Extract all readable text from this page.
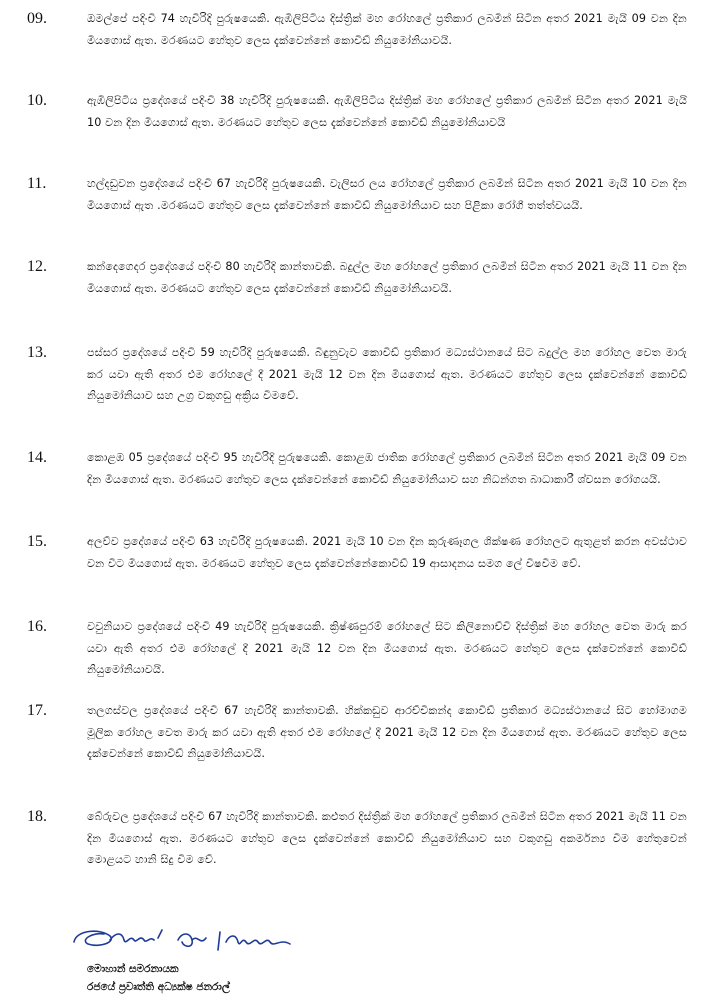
09.	ඔමල්පේ පදිංචි 74 හැවිරිදි පුරුෂයෙකි. ඇඹිලිපිටිය දිස්ත්‍රික් මහ රෝහලේ ප්‍රතිකාර ලබමින් සිටින අතර 2021 මැයි 09 වන දින මියගොස් ඇත. මරණයට හේතුව ලෙස දැක්වෙන්නේ කොවිඩ් නියුමෝනියාවයි.
10.	ඇඹිලිපිටිය ප්‍රදේශයේ පදිංචි 38 හැවිරිදි පුරුෂයෙකි. ඇඹිලිපිටිය දිස්ත්‍රික් මහ රෝහලේ ප්‍රතිකාර ලබමින් සිටින අතර 2021 මැයි 10 වන දින මියගොස් ඇත. මරණයට හේතුව ලෙස දැක්වෙන්නේ කොවිඩ් නියුමෝනියාවයි
11.	හල්දඩුවන ප්‍රදේශයේ පදිංචි 67 හැවිරිදි පුරුෂයෙකි. වැලිසර ලය රෝහලේ ප්‍රතිකාර ලබමින් සිටින අතර 2021 මැයි 10 වන දින මියගොස් ඇත .මරණයට හේතුව ලෙස දැක්වෙන්නේ කොවිඩ් නියුමෝනියාව සහ පිළිකා රෝගී තත්ත්වයයි.
12.	කන්දෙගෙදර ප්‍රදේශයේ පදිංචි 80 හැවිරිදි කාන්තාවකි. බදුල්ල මහ රෝහලේ ප්‍රතිකාර ලබමින් සිටින අතර 2021 මැයි 11 වන දින මියගොස් ඇත. මරණයට හේතුව ලෙස දැක්වෙන්නේ කොවිඩ් නියුමෝනියාවයි.
13.	පස්සර ප්‍රදේශයේ පදිංචි 59 හැවිරිදි පුරුෂයෙකි. බිඳුනුවැව කොවිඩ් ප්‍රතිකාර මධ්‍යස්ථානයේ සිට බදුල්ල මහ රෝහල වෙත මාරු කර යවා ඇති අතර එම රෝහලේ දී 2021 මැයි 12 වන දින මියගොස් ඇත. මරණයට හේතුව ලෙස දැක්වෙන්නේ කොවිඩ් නියුමෝනියාව සහ උග්‍ර වකුගඩු අක්‍රිය වීමවේ.
14.	කොළඹ 05 ප්‍රදේශයේ පදිංචි 95 හැවිරිදි පුරුෂයෙකි. කොළඹ ජාතික රෝහලේ ප්‍රතිකාර ලබමින් සිටින අතර 2021 මැයි 09 වන දින මියගොස් ඇත. මරණයට හේතුව ලෙස දැක්වෙන්නේ කොවිඩ් නියුමෝනියාව සහ නිධන්ගත බාධාකාරී ශ්වසන රෝගයයි.
15.	අලව්ව ප්‍රදේශයේ පදිංචි 63 හැවිරිදි පුරුෂයෙකි. 2021 මැයි 10 වන දින කුරුණෑගල ශික්ෂණ රෝහලට ඇතුළත් කරන අවස්ථාව වන විට මියගොස් ඇත. මරණයට හේතුව ලෙස දැක්වෙන්නේකොවිඩ් 19 ආසාදනය සමග ලේ විෂවීම වේ.
16.	වවුනියාව ප්‍රදේශයේ පදිංචි 49 හැවිරිදි පුරුෂයෙකි. ක්‍රිෂ්ණපුරම් රෝහලේ සිට කිලිනොච්චි දිස්ත්‍රික් මහ රෝහල වෙත මාරු කර යවා ඇති අතර එම රෝහලේ දී 2021 මැයි 12 වන දින මියගොස් ඇත. මරණයට හේතුව ලෙස දැක්වෙන්නේ කොවිඩ් නියුමෝනියාවයි.
17.	තලගස්වල ප්‍රදේශයේ පදිංචි 67 හැවිරිදි කාන්තාවකි. හික්කඩුව ආරච්චිකන්ද කොවිඩ් ප්‍රතිකාර මධ්‍යස්ථානයේ සිට හෝමාගම මූලික රෝහල වෙත මාරු කර යවා ඇති අතර එම රෝහලේ දී 2021 මැයි 12 වන දින මියගොස් ඇත. මරණයට හේතුව ලෙස දැක්වෙන්නේ කොවිඩ් නියුමෝනියාවයි.
18.	බේරුවල ප්‍රදේශයේ පදිංචි 67 හැවිරිදි කාන්තාවකි. කළුතර දිස්ත්‍රික් මහ රෝහලේ ප්‍රතිකාර ලබමින් සිටින අතර 2021 මැයි 11 වන දින මියගොස් ඇත. මරණයට හේතුව ලෙස දැක්වෙන්නේ කොවිඩ් නියුමෝනියාව සහ වකුගඩු අකර්මන්‍ය වීම හේතුවෙන් මොළයට හානි සිදු වීම වේ.
මොහාන් සමරනායක
රජයේ ප්‍රවෘත්ති අධ්‍යක්ෂ ජනරාල්
